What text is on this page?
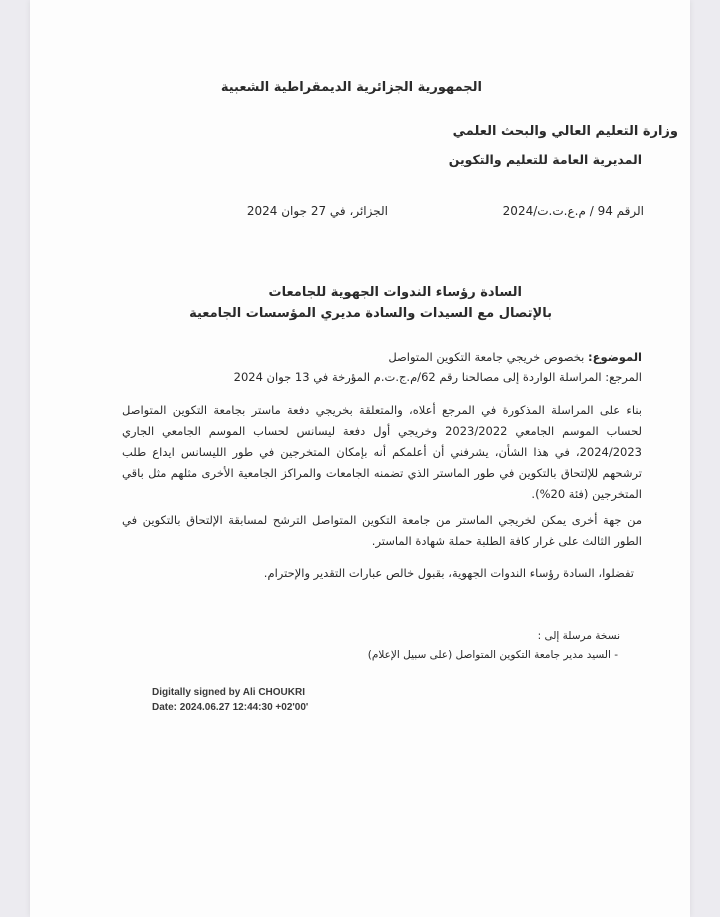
الجمهورية الجزائرية الديمقراطية الشعبية
وزارة التعليم العالي والبحث العلمي
المديرية العامة للتعليم والتكوين
الرقم 94 / م.ع.ت.ت/2024
الجزائر، في 27 جوان 2024
السادة رؤساء الندوات الجهوية للجامعات
بالإتصال مع السيدات والسادة مديري المؤسسات الجامعية
الموضوع: بخصوص خريجي جامعة التكوين المتواصل
المرجع: المراسلة الواردة إلى مصالحنا رقم 62/م.ج.ت.م المؤرخة في 13 جوان 2024
بناء على المراسلة المذكورة في المرجع أعلاه، والمتعلقة بخريجي دفعة ماستر بجامعة التكوين المتواصل لحساب الموسم الجامعي 2023/2022 وخريجي أول دفعة ليسانس لحساب الموسم الجامعي الجاري 2024/2023، في هذا الشأن، يشرفني أن أعلمكم أنه بإمكان المتخرجين في طور الليسانس ايداع طلب ترشحهم للإلتحاق بالتكوين في طور الماستر الذي تضمنه الجامعات والمراكز الجامعية الأخرى مثلهم مثل باقي المتخرجين (فئة 20%).
من جهة أخرى يمكن لخريجي الماستر من جامعة التكوين المتواصل الترشح لمسابقة الإلتحاق بالتكوين في الطور الثالث على غرار كافة الطلبة حملة شهادة الماستر.
تفضلوا، السادة رؤساء الندوات الجهوية، بقبول خالص عبارات التقدير والإحترام.
نسخة مرسلة إلى :
- السيد مدير جامعة التكوين المتواصل (على سبيل الإعلام)
Digitally signed by Ali CHOUKRI
Date: 2024.06.27 12:44:30 +02'00'
